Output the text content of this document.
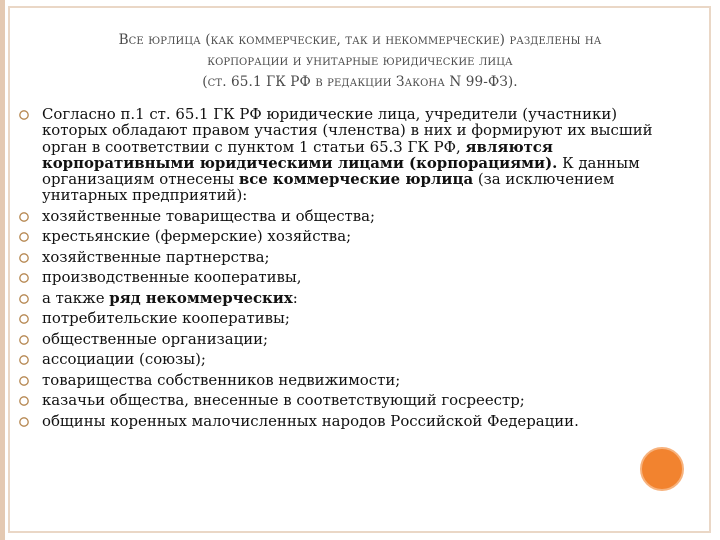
Все юрлица (как коммерческие, так и некоммерческие) разделены на
корпорации и унитарные юридические лица
(ст. 65.1 ГК РФ в редакции Закона N 99-ФЗ).
Согласно п.1 ст. 65.1 ГК РФ юридические лица, учредители (участники) которых обладают правом участия (членства) в них и формируют их высший орган в соответствии с пунктом 1 статьи 65.3 ГК РФ, являются корпоративными юридическими лицами (корпорациями). К данным организациям отнесены все коммерческие юрлица (за исключением унитарных предприятий):
хозяйственные товарищества и общества;
крестьянские (фермерские) хозяйства;
хозяйственные партнерства;
производственные кооперативы,
а также ряд некоммерческих:
потребительские кооперативы;
общественные организации;
ассоциации (союзы);
товарищества собственников недвижимости;
казачьи общества, внесенные в соответствующий госреестр;
общины коренных малочисленных народов Российской Федерации.
